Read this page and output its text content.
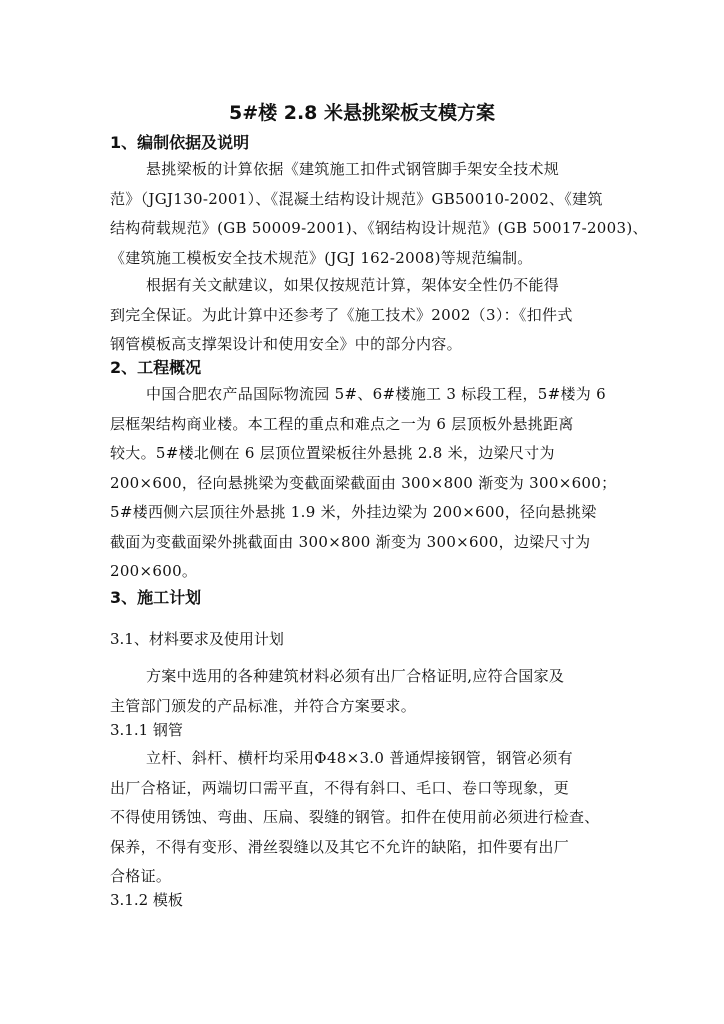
5#楼 2.8 米悬挑梁板支模方案
1、编制依据及说明
悬挑梁板的计算依据《建筑施工扣件式钢管脚手架安全技术规
范》（JGJ130-2001）、《混凝土结构设计规范》GB50010-2002、《建筑
结构荷载规范》(GB 50009-2001)、《钢结构设计规范》(GB 50017-2003)、
《建筑施工模板安全技术规范》(JGJ 162-2008)等规范编制。
根据有关文献建议，如果仅按规范计算，架体安全性仍不能得
到完全保证。为此计算中还参考了《施工技术》2002（3）：《扣件式
钢管模板高支撑架设计和使用安全》中的部分内容。
2、工程概况
中国合肥农产品国际物流园 5#、6#楼施工 3 标段工程，5#楼为 6
层框架结构商业楼。本工程的重点和难点之一为 6 层顶板外悬挑距离
较大。5#楼北侧在 6 层顶位置梁板往外悬挑 2.8 米，边梁尺寸为
200×600，径向悬挑梁为变截面梁截面由 300×800 渐变为 300×600；
5#楼西侧六层顶往外悬挑 1.9 米，外挂边梁为 200×600，径向悬挑梁
截面为变截面梁外挑截面由 300×800 渐变为 300×600，边梁尺寸为
200×600。
3、施工计划
3.1、材料要求及使用计划
方案中选用的各种建筑材料必须有出厂合格证明,应符合国家及
主管部门颁发的产品标准，并符合方案要求。
3.1.1 钢管
立杆、斜杆、横杆均采用Φ48×3.0 普通焊接钢管，钢管必须有
出厂合格证，两端切口需平直，不得有斜口、毛口、卷口等现象，更
不得使用锈蚀、弯曲、压扁、裂缝的钢管。扣件在使用前必须进行检查、
保养，不得有变形、滑丝裂缝以及其它不允许的缺陷，扣件要有出厂
合格证。
3.1.2 模板
